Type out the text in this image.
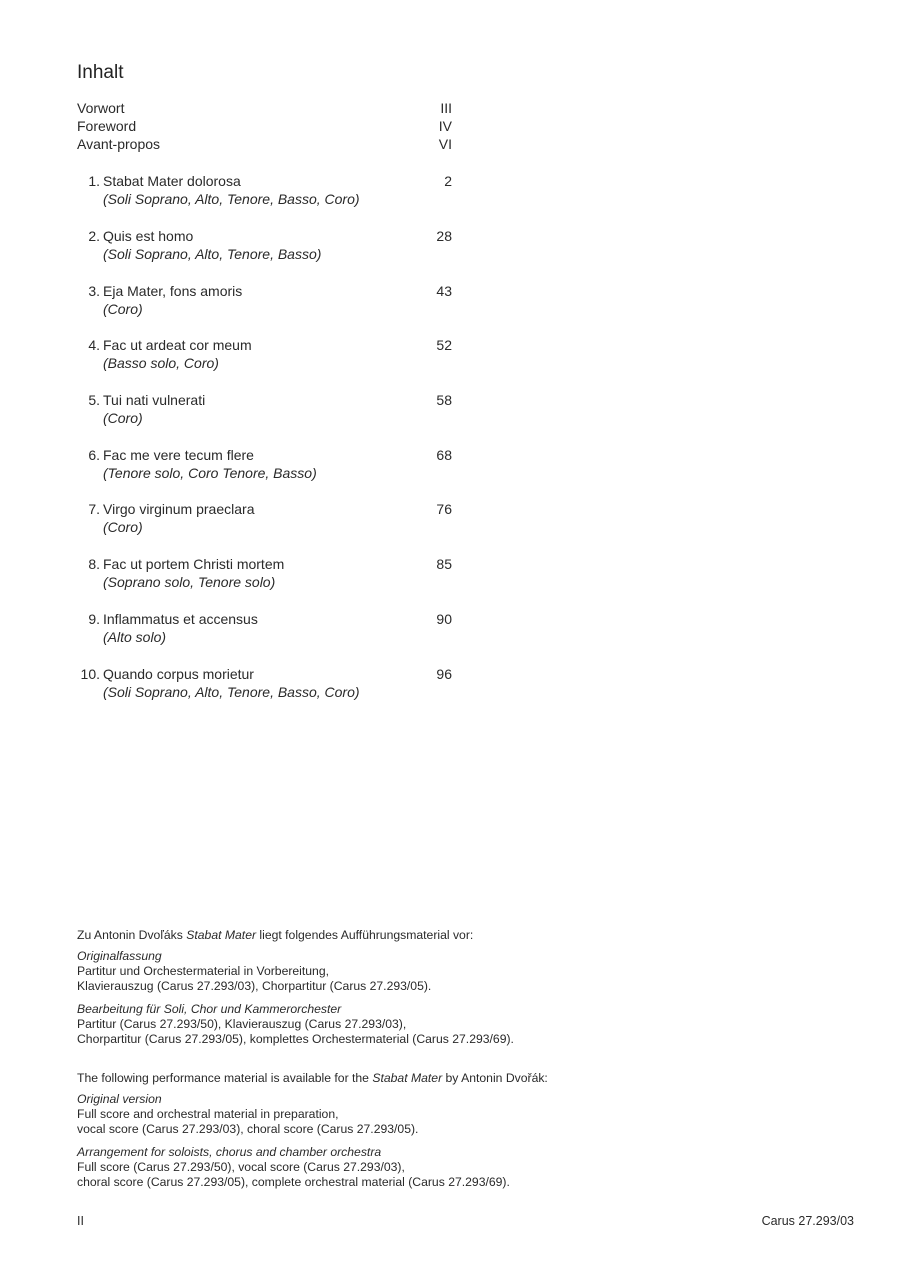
Inhalt
Vorwort	III
Foreword	IV
Avant-propos	VI
1. Stabat Mater dolorosa	2
(Soli Soprano, Alto, Tenore, Basso, Coro)
2. Quis est homo	28
(Soli Soprano, Alto, Tenore, Basso)
3. Eja Mater, fons amoris	43
(Coro)
4. Fac ut ardeat cor meum	52
(Basso solo, Coro)
5. Tui nati vulnerati	58
(Coro)
6. Fac me vere tecum flere	68
(Tenore solo, Coro Tenore, Basso)
7. Virgo virginum praeclara	76
(Coro)
8. Fac ut portem Christi mortem	85
(Soprano solo, Tenore solo)
9. Inflammatus et accensus	90
(Alto solo)
10. Quando corpus morietur	96
(Soli Soprano, Alto, Tenore, Basso, Coro)

Zu Antonin Dvoľáks Stabat Mater liegt folgendes Aufführungsmaterial vor:

Originalfassung

Partitur und Orchestermaterial in Vorbereitung,

Klavierauszug (Carus 27.293/03), Chorpartitur (Carus 27.293/05).

Bearbeitung für Soli, Chor und Kammerorchester

Partitur (Carus 27.293/50), Klavierauszug (Carus 27.293/03),

Chorpartitur (Carus 27.293/05), komplettes Orchestermaterial (Carus 27.293/69).

The following performance material is available for the Stabat Mater by Antonin Dvořák:

Original version

Full score and orchestral material in preparation,

vocal score (Carus 27.293/03), choral score (Carus 27.293/05).

Arrangement for soloists, chorus and chamber orchestra

Full score (Carus 27.293/50), vocal score (Carus 27.293/03),

choral score (Carus 27.293/05), complete orchestral material (Carus 27.293/69).

II	Carus 27.293/03
